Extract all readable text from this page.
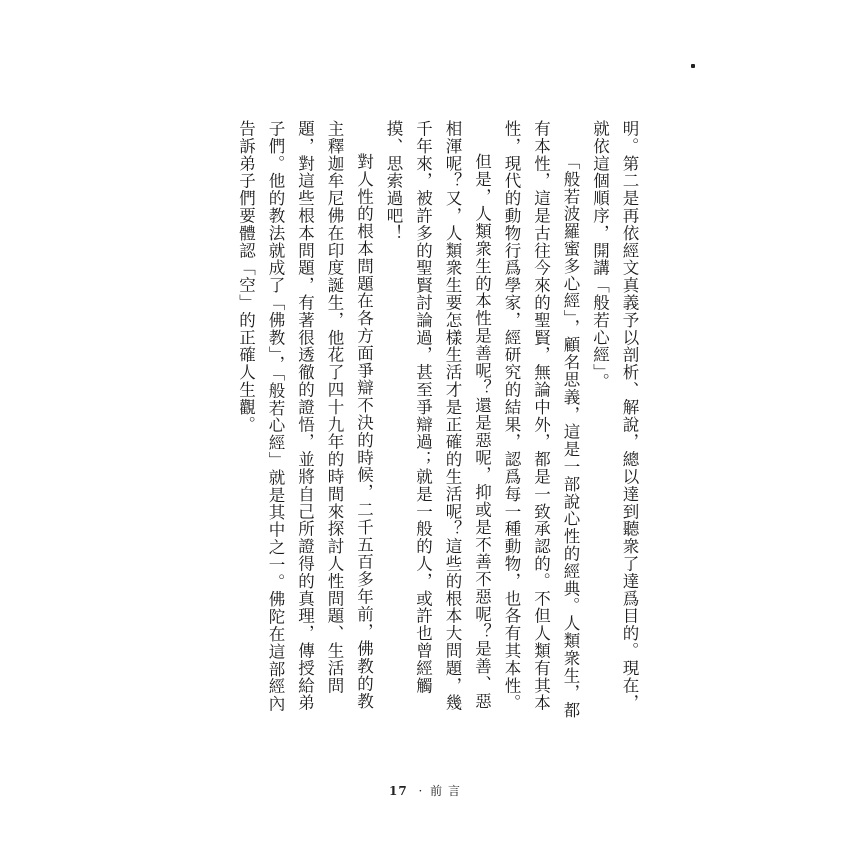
明。第二是再依經文真義予以剖析、解說，總以達到聽衆了達爲目的。現在，就依這個順序，開講「般若心經」。

「般若波羅蜜多心經」，顧名思義，這是一部說心性的經典。人類衆生，都有本性，這是古往今來的聖賢，無論中外，都是一致承認的。不但人類有其本性，現代的動物行爲學家，經研究的結果，認爲每一種動物，也各有其本性。

但是，人類衆生的本性是善呢？還是惡呢，抑或是不善不惡呢？是善、惡相渾呢？又，人類衆生要怎樣生活才是正確的生活呢？這些的根本大問題，幾千年來，被許多的聖賢討論過，甚至爭辯過；就是一般的人，或許也曾經觸摸、思索過吧！

對人性的根本問題在各方面爭辯不決的時候，二千五百多年前，佛教的教主釋迦牟尼佛在印度誕生，他花了四十九年的時間來探討人性問題、生活問題，對這些根本問題，有著很透徹的證悟，並將自己所證得的真理，傳授給弟子們。他的教法就成了「佛教」，「般若心經」就是其中之一。佛陀在這部經內告訴弟子們要體認「空」的正確人生觀。

17 · 前 言
